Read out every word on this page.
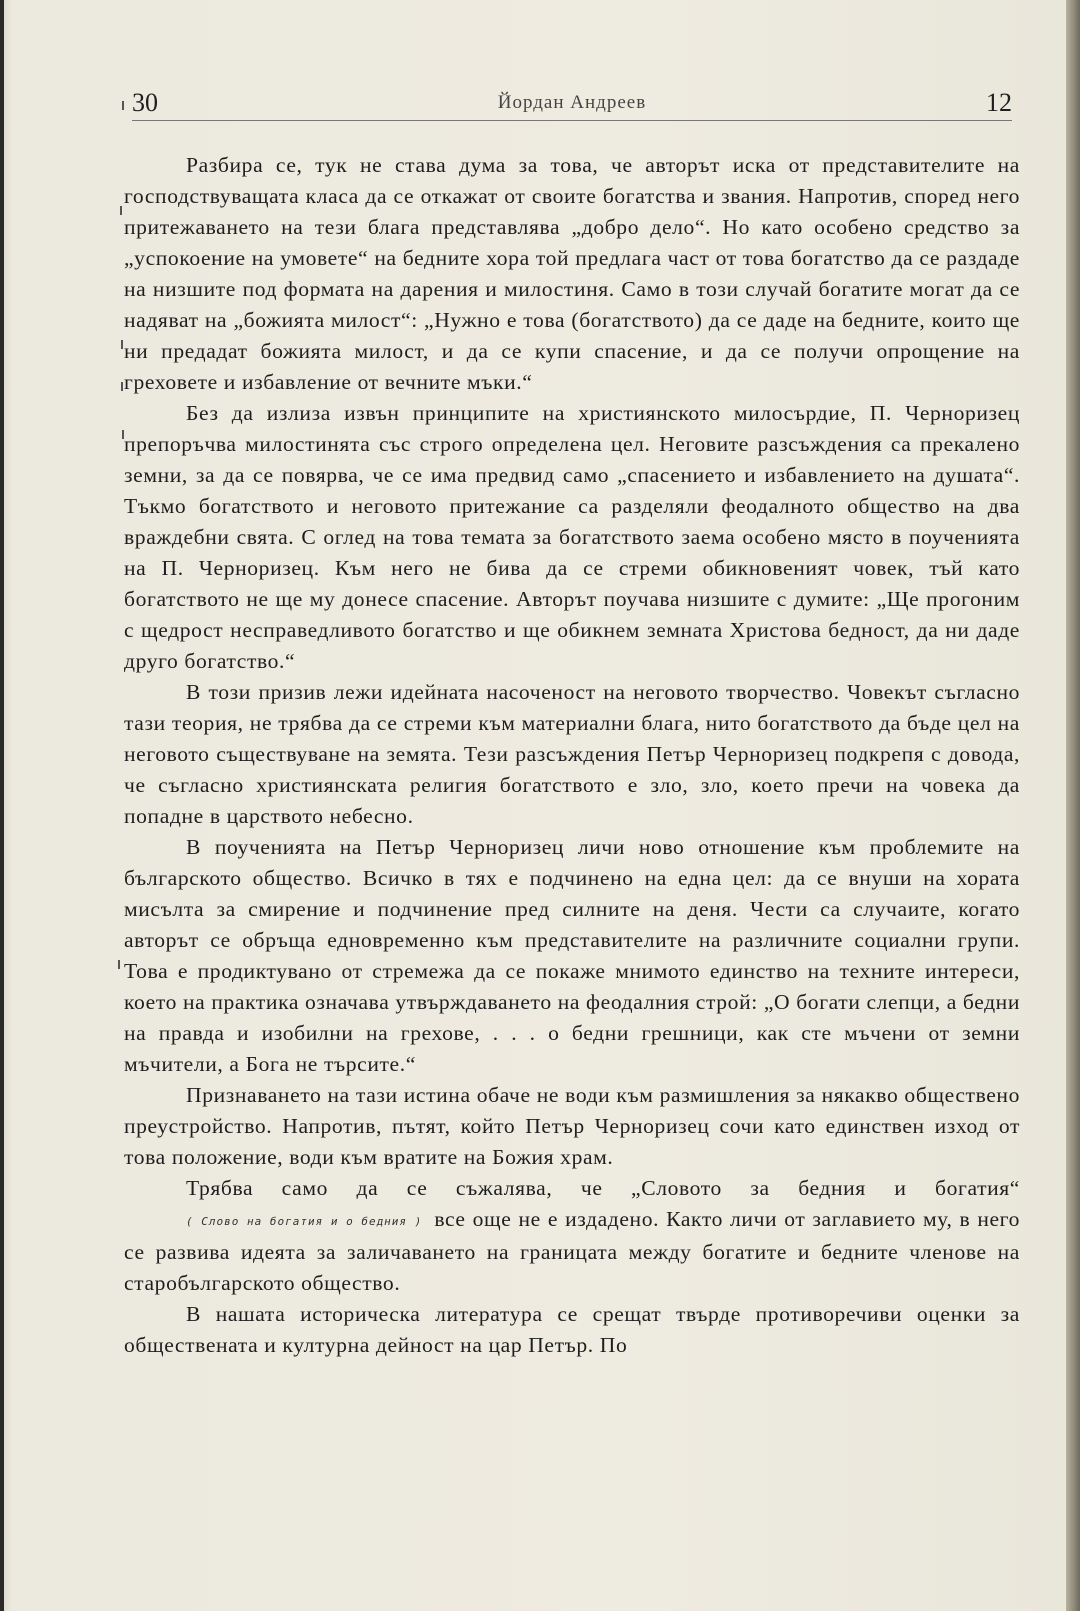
30	Йордан Андреев	12

Разбира се, тук не става дума за това, че авторът иска от представителите на господствуващата класа да се откажат от своите богатства и звания. Напротив, според него притежаването на тези блага представлява „добро дело“. Но като особено средство за „успокоение на умовете“ на бедните хора той предлага част от това богатство да се раздаде на низшите под формата на дарения и милостиня. Само в този случай богатите могат да се надяват на „божията милост“: „Нужно е това (богатството) да се даде на бедните, които ще ни предадат божията милост, и да се купи спасение, и да се получи опрощение на греховете и избавление от вечните мъки.“

Без да излиза извън принципите на християнското милосърдие, П. Черноризец препоръчва милостинята със строго определена цел. Неговите разсъждения са прекалено земни, за да се повярва, че се има предвид само „спасението и избавлението на душата“. Тъкмо богатството и неговото притежание са разделяли феодалното общество на два враждебни свята. С оглед на това темата за богатството заема особено място в поученията на П. Черноризец. Към него не бива да се стреми обикновеният човек, тъй като богатството не ще му донесе спасение. Авторът поучава низшите с думите: „Ще прогоним с щедрост несправедливото богатство и ще обикнем земната Христова бедност, да ни даде друго богатство.“

В този призив лежи идейната насоченост на неговото творчество. Човекът съгласно тази теория, не трябва да се стреми към материални блага, нито богатството да бъде цел на неговото съществуване на земята. Тези разсъждения Петър Черноризец подкрепя с довода, че съгласно християнската религия богатството е зло, зло, което пречи на човека да попадне в царството небесно.

В поученията на Петър Черноризец личи ново отношение към проблемите на българското общество. Всичко в тях е подчинено на една цел: да се внуши на хората мисълта за смирение и подчинение пред силните на деня. Чести са случаите, когато авторът се обръща едновременно към представителите на различните социални групи. Това е продиктувано от стремежа да се покаже мнимото единство на техните интереси, което на практика означава утвърждаването на феодалния строй: „О богати слепци, а бедни на правда и изобилни на грехове, . . . о бедни грешници, как сте мъчени от земни мъчители, а Бога не търсите.“

Признаването на тази истина обаче не води към размишления за някакво обществено преустройство. Напротив, пътят, който Петър Черноризец сочи като единствен изход от това положение, води към вратите на Божия храм.

Трябва само да се съжалява, че „Словото за бедния и богатия“ ( Слово на богатия и о бедния ) все още не е издадено. Както личи от заглавието му, в него се развива идеята за заличаването на границата между богатите и бедните членове на старобългарското общество.

В нашата историческа литература се срещат твърде противоречиви оценки за обществената и културна дейност на цар Петър. По
